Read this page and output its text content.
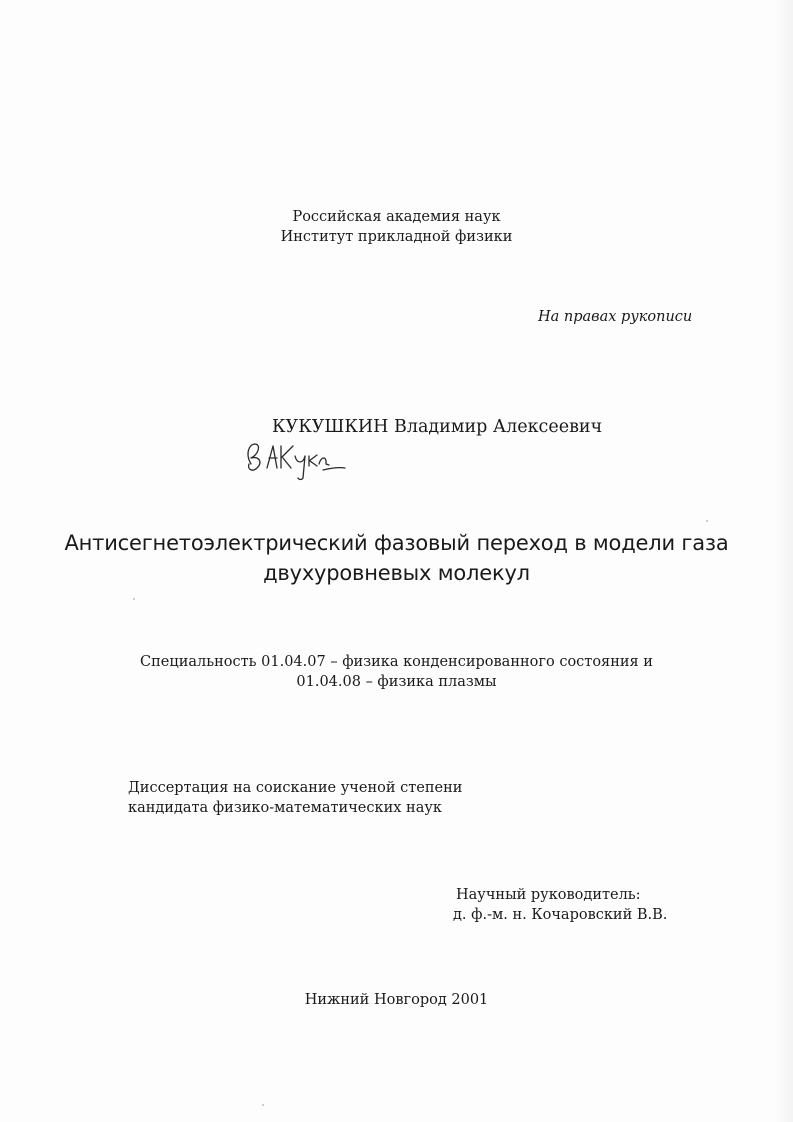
Российская академия наук
Институт прикладной физики
На правах рукописи
КУКУШКИН Владимир Алексеевич
Антисегнетоэлектрический фазовый переход в модели газа
двухуровневых молекул
Специальность 01.04.07 – физика конденсированного состояния и
01.04.08 – физика плазмы
Диссертация на соискание ученой степени
кандидата физико-математических наук
Научный руководитель:
д. ф.-м. н. Кочаровский В.В.
Нижний Новгород 2001
